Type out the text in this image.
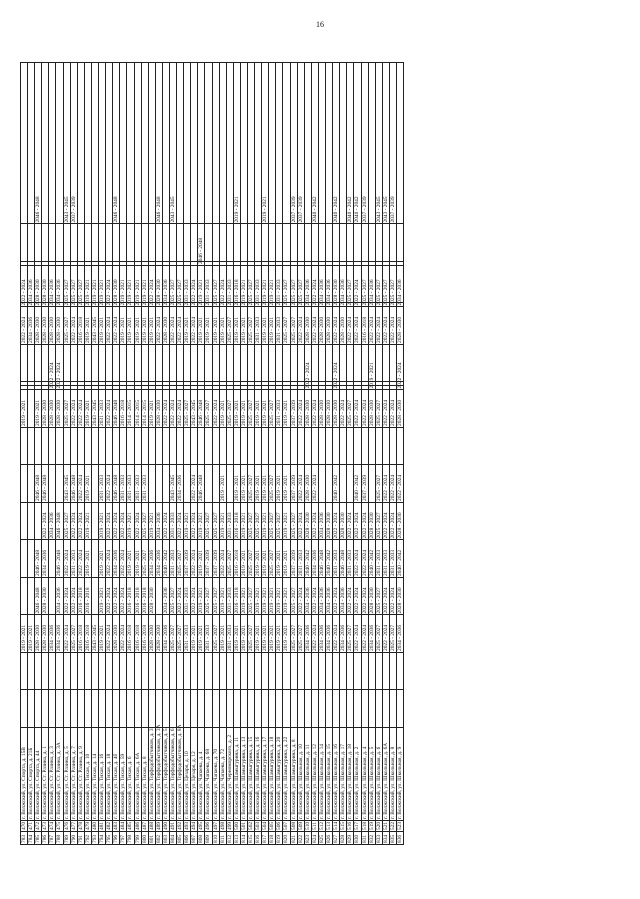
16
783	470	г. Волжский, ул. Спорта, д. 15В			2019 - 2021						2019 - 2021				2022 - 2024	2022 - 2024				
784	471	г. Волжский, ул. Спорта, д. 21Б			2019 - 2021										2034 - 2036	2034 - 2036				
785	472	г. Волжский, ул. Спорта, д. 44			2028 - 2030	2046 - 2048	2046 - 2048		2046 - 2048		2019 - 2021				2028 - 2030	2028 - 2030				2046 - 2048
786	473	г. Волжский, ул. Ст. Разина, д. 1			2028 - 2030	2028 - 2030	2034 - 2036	2022 - 2024	2046 - 2048		2028 - 2030				2028 - 2030	2028 - 2030				
787	474	г. Волжский, ул. Ст. Разина, д. 3			2034 - 2036			2034 - 2036			2028 - 2030	2022 - 2024			2028 - 2030	2034 - 2036				
788	475	г. Волжский, ул. Ст. Разина, д. 3А			2034 - 2036	2034 - 2036	2046 - 2048	2046 - 2048			2028 - 2030	2022 - 2024			2028 - 2030	2034 - 2036				
789	476	г. Волжский, ул. Ст. Разина, д. 5			2022 - 2024	2022 - 2024	2022 - 2024	2025 - 2027	2043 - 2045		2025 - 2027				2025 - 2027	2025 - 2027				2043 - 2045
790	477	г. Волжский, ул. Ст. Разина, д. 7			2025 - 2027	2022 - 2024	2031 - 2033	2022 - 2024	2046 - 2048		2022 - 2024				2022 - 2024	2025 - 2027				2037 - 2039
791	478	г. Волжский, ул. Ст. Разина, д. 9			2016 - 2018	2016 - 2018	2022 - 2024	2022 - 2024	2022 - 2024		2022 - 2024				2016 - 2018	2025 - 2027				
792	479	г. Волжский, ул. Тихая, д. 10			2016 - 2018	2016 - 2018	2019 - 2021	2019 - 2021	2019 - 2021		2019 - 2021				2019 - 2021	2019 - 2021				
793	480	г. Волжский, ул. Тихая, д. 14			2043 - 2045						2043 - 2045				2043 - 2045	2019 - 2021				
794	481	г. Волжский, ул. Тихая, д. 16			2019 - 2021	2019 - 2021	2019 - 2021	2019 - 2021	2031 - 2033		2031 - 2033				2019 - 2021	2019 - 2021				
795	482	г. Волжский, ул. Тихая, д. 18			2022 - 2024	2022 - 2024	2022 - 2024	2022 - 2024	2022 - 2024		2022 - 2024				2022 - 2024	2022 - 2024				
796	483	г. Волжский, ул. Тихая, д. 4б			2028 - 2030	2022 - 2024	2034 - 2036	2022 - 2024	2046 - 2048		2046 - 2048				2022 - 2024	2028 - 2030				2046 - 2048
797	484	г. Волжский, ул. Тихая, д. 59			2022 - 2024	2022 - 2024	2022 - 2024	2022 - 2024	2031 - 2033		2016 - 2018				2019 - 2021	2019 - 2021				
798	485	г. Волжский, ул. Тихая, д. 6			2016 - 2018	2016 - 2018	2019 - 2021	2019 - 2021	2031 - 2033		2014 - 2015				2019 - 2021	2019 - 2021				
799	486	г. Волжский, ул. Тихая, д. 6А			2016 - 2018	2016 - 2018	2019 - 2021	2022 - 2024	2031 - 2033		2014 - 2015				2019 - 2021	2019 - 2021				
800	487	г. Волжский, ул. Тихая, д. 8			2016 - 2018	2016 - 2018	2025 - 2027	2025 - 2027	2031 - 2033		2014 - 2015				2019 - 2021	2019 - 2021				
801	488	г. Волжский, ул. Торфодобытчиков, д. 3			2028 - 2030	2028 - 2030	2034 - 2036	2019 - 2021			2019 - 2021				2019 - 2021	2022 - 2024				
802	489	г. Волжский, ул. Торфодобытчиков, д. 3А			2028 - 2030		2034 - 2036	2034 - 2036			2028 - 2030				2022 - 2024	2028 - 2030				2046 - 2048
803	490	г. Волжский, ул. Торфодобытчиков, д. 5			2034 - 2036	2034 - 2036	2040 - 2042	2022 - 2024			2022 - 2024				2028 - 2030	2034 - 2036				
804	491	г. Волжский, ул. Торфодобытчиков, д. 6			2025 - 2027	2025 - 2027	2031 - 2033	2031 - 2033	2043 - 2045		2022 - 2024				2022 - 2024	2025 - 2027				2043 - 2045
805	492	г. Волжский, ул. Торфодобытчиков, д. 8А			2025 - 2027	2022 - 2024	2025 - 2027	2022 - 2024	2034 - 2036		2022 - 2024				2022 - 2024	2025 - 2027				
806	493	г. Волжский, ул. Цезаря, д. 10			2031 - 2033	2031 - 2033	2037 - 2039	2019 - 2021			2025 - 2027				2019 - 2021	2031 - 2033				
807	494	г. Волжский, ул. Цезаря, д. 12			2019 - 2021	2022 - 2024	2022 - 2024	2022 - 2024	2022 - 2024		2043 - 2045				2022 - 2024	2022 - 2024				
808	495	г. Волжский, ул. Чапаева, д. 4			2019 - 2021	2019 - 2021	2019 - 2021	2019 - 2021	2046 - 2048		2046 - 2048				2019 - 2021	2019 - 2021		2046 - 2048		
809	496	г. Волжский, ул. Чапаева, д. 68			2031 - 2033	2025 - 2027	2037 - 2039	2025 - 2027			2025 - 2027				2019 - 2021	2031 - 2033				
810	497	г. Волжский, ул. Чапаева, д. 70			2025 - 2027	2025 - 2027	2037 - 2039	2025 - 2027			2022 - 2024				2019 - 2021	2025 - 2027				
811	498	г. Волжский, ул. Чапаева, д. 72			2019 - 2021	2019 - 2021	2022 - 2024	2019 - 2021	2019 - 2021		2019 - 2021				2019 - 2021	2022 - 2024				
812	499	г. Волжский, ул. Черноморского, д. 2			2031 - 2033	2031 - 2033	2025 - 2027	2031 - 2033			2025 - 2027				2025 - 2027	2031 - 2033				
813	500	г. Волжский, ул. Шамыгурина, д. 11			2019 - 2021	2016 - 2018	2016 - 2018	2016 - 2018	2019 - 2021		2019 - 2021				2019 - 2021	2016 - 2018				2019 - 2021
814	501	г. Волжский, ул. Шамыгурина, д. 13			2019 - 2021	2019 - 2021	2019 - 2021	2019 - 2021	2019 - 2021		2019 - 2021				2019 - 2021	2019 - 2021				
815	502	г. Волжский, ул. Шамыгурина, д. 15			2025 - 2027	2025 - 2027	2025 - 2027	2025 - 2027	2025 - 2027		2025 - 2027				2025 - 2027	2025 - 2027				
816	503	г. Волжский, ул. Шамыгурина, д. 16			2019 - 2021	2019 - 2021	2019 - 2021	2025 - 2027	2019 - 2021		2019 - 2021				2031 - 2033	2031 - 2033				
817	504	г. Волжский, ул. Шамыгурина, д. 17			2019 - 2021	2019 - 2021	2019 - 2021	2019 - 2021	2019 - 2021		2019 - 2021				2019 - 2021	2019 - 2021				2019 - 2021
818	505	г. Волжский, ул. Шамыгурина, д. 18			2019 - 2021	2019 - 2021	2025 - 2027	2025 - 2027	2025 - 2027		2025 - 2027				2019 - 2021	2019 - 2021				
819	506	г. Волжский, ул. Шамыгурина, д. 20			2019 - 2021	2019 - 2021	2019 - 2021	2025 - 2027	2019 - 2021		2031 - 2033				2031 - 2033	2031 - 2033				
820	507	г. Волжский, ул. Шамыгурина, д. 22			2019 - 2021	2019 - 2021	2019 - 2021	2019 - 2021	2019 - 2021		2019 - 2021				2025 - 2027	2025 - 2027				
821	508	г. Волжский, ул. Шамыгурина, д. 8			2025 - 2027	2025 - 2027	2037 - 2039	2025 - 2027	2037 - 2039		2037 - 2039				2025 - 2027	2025 - 2027				2037 - 2039
822	509	г. Волжский, ул. Школьная, д. 10			2025 - 2027	2022 - 2024	2031 - 2033	2022 - 2024	2022 - 2024		2022 - 2024				2022 - 2024	2025 - 2027				2037 - 2039
823	510	г. Волжский, ул. Школьная, д. 11			2034 - 2036	2034 - 2036	2040 - 2042	2028 - 2030	2028 - 2030		2028 - 2030	2022 - 2024			2028 - 2030	2034 - 2036				
824	511	г. Волжский, ул. Школьная, д. 12			2022 - 2024	2022 - 2024	2034 - 2036	2022 - 2024	2022 - 2024		2022 - 2024				2022 - 2024	2022 - 2024				2040 - 2042
825	512	г. Волжский, ул. Школьная, д. 14			2034 - 2036	2034 - 2036	2046 - 2048	2034 - 2036			2028 - 2030				2028 - 2030	2034 - 2036				
826	513	г. Волжский, ул. Школьная, д. 15			2034 - 2036	2034 - 2036	2040 - 2042	2028 - 2030			2028 - 2030				2028 - 2030	2034 - 2036				
827	514	г. Волжский, ул. Школьная, д. 16			2022 - 2024	2022 - 2024	2031 - 2033	2022 - 2024	2040 - 2042		2028 - 2030	2022 - 2024			2022 - 2024	2028 - 2030				2040 - 2042
828	515	г. Волжский, ул. Школьная, д. 17			2034 - 2036	2034 - 2036	2046 - 2048	2028 - 2030			2022 - 2024				2028 - 2030	2034 - 2036				
829	516	г. Волжский, ул. Школьная, д. 18			2025 - 2027	2022 - 2024	2031 - 2033	2022 - 2024			2025 - 2027				2022 - 2024	2025 - 2027				2040 - 2042
830	517	г. Волжский, ул. Школьная, д. 2			2022 - 2024	2022 - 2024	2022 - 2024	2022 - 2024	2040 - 2042		2022 - 2024				2022 - 2024	2022 - 2024				2040 - 2042
831	518	г. Волжский, ул. Школьная, д. 4			2022 - 2024	2022 - 2024	2022 - 2024	2022 - 2024	2037 - 2039		2022 - 2024				2016 - 2018	2025 - 2027				2037 - 2039
832	519	г. Волжский, ул. Школьная, д. 5			2034 - 2036	2028 - 2030	2040 - 2042	2028 - 2030			2028 - 2030	2019 - 2021			2022 - 2024	2034 - 2036				
833	520	г. Волжский, ул. Школьная, д. 6			2025 - 2027	2025 - 2027	2031 - 2033	2025 - 2027	2025 - 2027		2025 - 2027				2022 - 2024	2025 - 2027				2043 - 2045
834	521	г. Волжский, ул. Школьная, д. 6А			2022 - 2024	2022 - 2024	2031 - 2033	2022 - 2024	2022 - 2024		2022 - 2024				2022 - 2024	2025 - 2027				2043 - 2045
835	522	г. Волжский, ул. Школьная, д. 8			2025 - 2027	2022 - 2024	2031 - 2033	2022 - 2024	2022 - 2024		2022 - 2024				2022 - 2024	2025 - 2027				2037 - 2039
836	523	г. Волжский, ул. Школьная, д. 9			2034 - 2036	2028 - 2030	2040 - 2042	2028 - 2030	2022 - 2024		2028 - 2030	2022 - 2024			2028 - 2030	2034 - 2036				
